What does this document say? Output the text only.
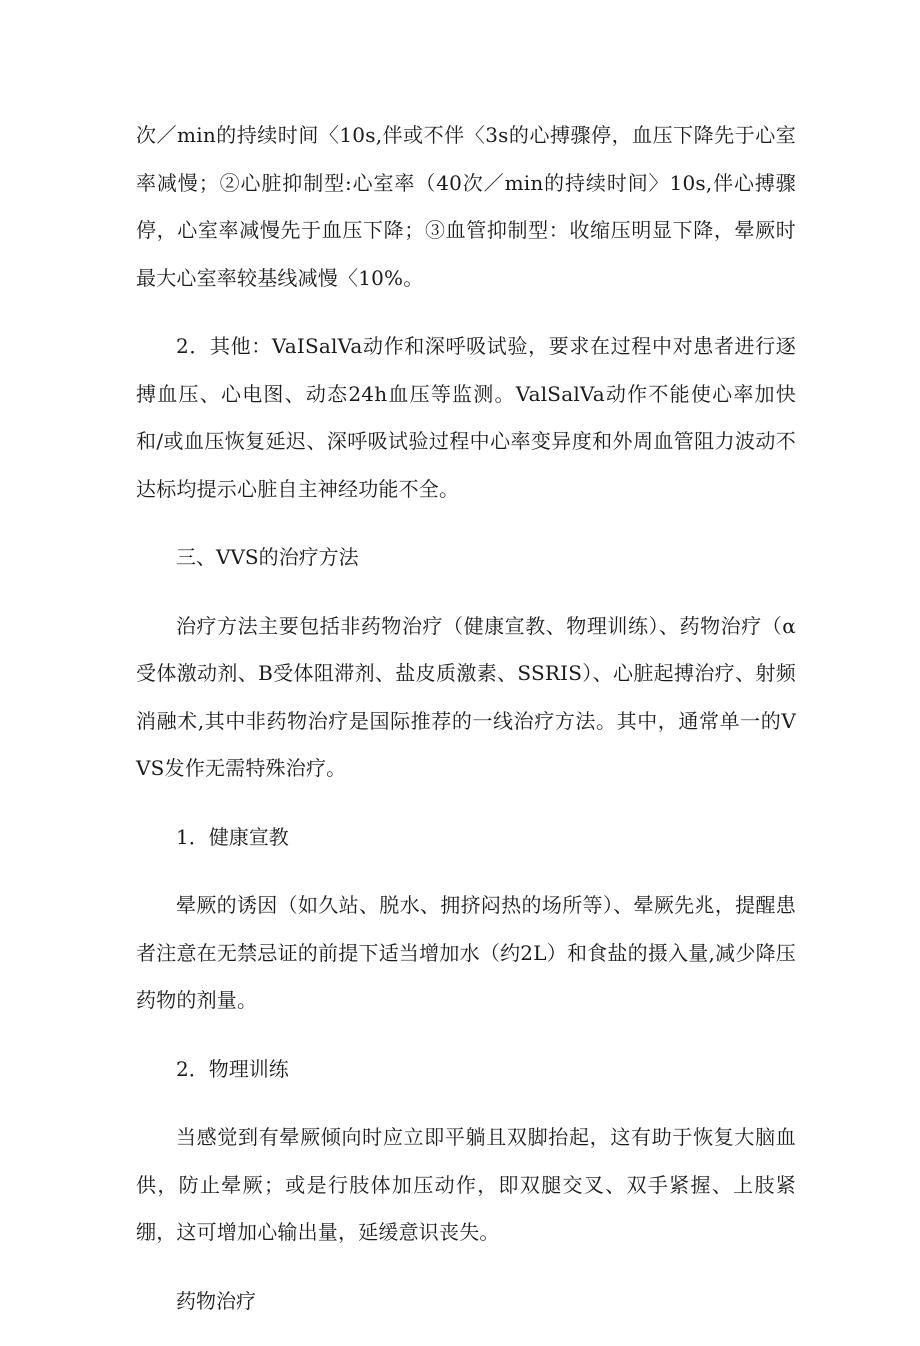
次／min的持续时间〈10s,伴或不伴〈3s的心搏骤停，血压下降先于心室率减慢；②心脏抑制型:心室率（40次／min的持续时间〉10s,伴心搏骤停，心室率减慢先于血压下降；③血管抑制型：收缩压明显下降，晕厥时最大心室率较基线减慢〈10%。

2．其他：VaISalVa动作和深呼吸试验，要求在过程中对患者进行逐搏血压、心电图、动态24h血压等监测。ValSalVa动作不能使心率加快和/或血压恢复延迟、深呼吸试验过程中心率变异度和外周血管阻力波动不达标均提示心脏自主神经功能不全。

三、VVS的治疗方法

治疗方法主要包括非药物治疗（健康宣教、物理训练）、药物治疗（α受体激动剂、B受体阻滞剂、盐皮质激素、SSRIS）、心脏起搏治疗、射频消融术,其中非药物治疗是国际推荐的一线治疗方法。其中，通常单一的VVS发作无需特殊治疗。

1．健康宣教

晕厥的诱因（如久站、脱水、拥挤闷热的场所等）、晕厥先兆，提醒患者注意在无禁忌证的前提下适当增加水（约2L）和食盐的摄入量,减少降压药物的剂量。

2．物理训练

当感觉到有晕厥倾向时应立即平躺且双脚抬起，这有助于恢复大脑血供，防止晕厥；或是行肢体加压动作，即双腿交叉、双手紧握、上肢紧绷，这可增加心输出量，延缓意识丧失。

药物治疗
